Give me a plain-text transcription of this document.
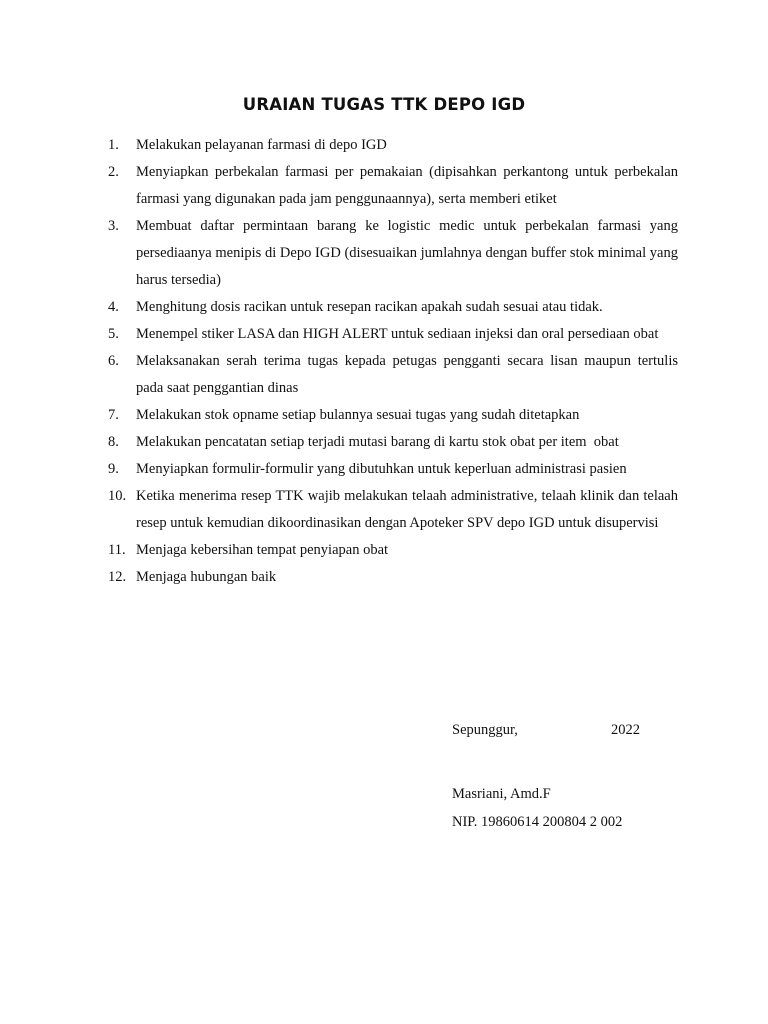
URAIAN TUGAS TTK DEPO IGD
1.	Melakukan pelayanan farmasi di depo IGD
2.	Menyiapkan perbekalan farmasi per pemakaian (dipisahkan perkantong untuk perbekalan farmasi yang digunakan pada jam penggunaannya), serta memberi etiket
3.	Membuat daftar permintaan barang ke logistic medic untuk perbekalan farmasi yang persediaanya menipis di Depo IGD (disesuaikan jumlahnya dengan buffer stok minimal yang harus tersedia)
4.	Menghitung dosis racikan untuk resepan racikan apakah sudah sesuai atau tidak.
5.	Menempel stiker LASA dan HIGH ALERT untuk sediaan injeksi dan oral persediaan obat
6.	Melaksanakan serah terima tugas kepada petugas pengganti secara lisan maupun tertulis pada saat penggantian dinas
7.	Melakukan stok opname setiap bulannya sesuai tugas yang sudah ditetapkan
8.	Melakukan pencatatan setiap terjadi mutasi barang di kartu stok obat per item  obat
9.	Menyiapkan formulir-formulir yang dibutuhkan untuk keperluan administrasi pasien
10. Ketika menerima resep TTK wajib melakukan telaah administrative, telaah klinik dan telaah resep untuk kemudian dikoordinasikan dengan Apoteker SPV depo IGD untuk disupervisi
11. Menjaga kebersihan tempat penyiapan obat
12. Menjaga hubungan baik
Sepunggur,	2022
Masriani, Amd.F
NIP. 19860614 200804 2 002
